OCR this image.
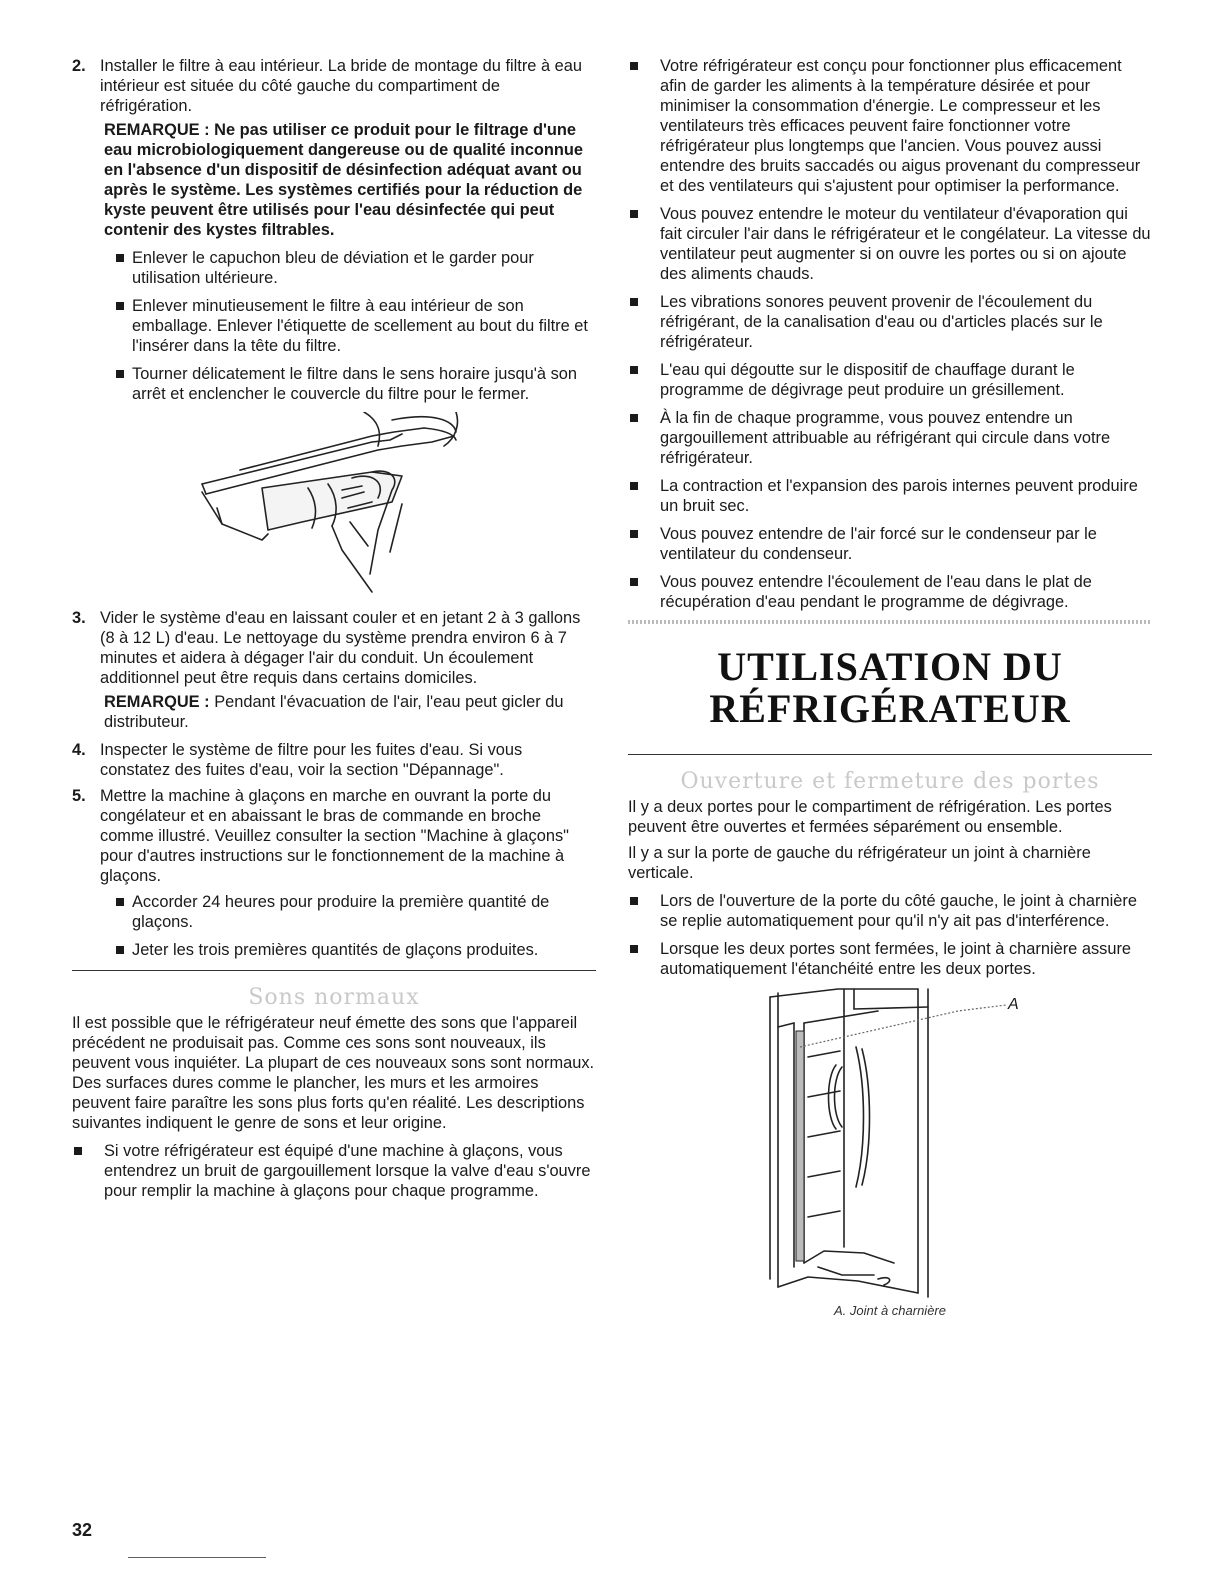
2. Installer le filtre à eau intérieur. La bride de montage du filtre à eau intérieur est située du côté gauche du compartiment de réfrigération.

REMARQUE : Ne pas utiliser ce produit pour le filtrage d'une eau microbiologiquement dangereuse ou de qualité inconnue en l'absence d'un dispositif de désinfection adéquat avant ou après le système. Les systèmes certifiés pour la réduction de kyste peuvent être utilisés pour l'eau désinfectée qui peut contenir des kystes filtrables.

Enlever le capuchon bleu de déviation et le garder pour utilisation ultérieure.
Enlever minutieusement le filtre à eau intérieur de son emballage. Enlever l'étiquette de scellement au bout du filtre et l'insérer dans la tête du filtre.
Tourner délicatement le filtre dans le sens horaire jusqu'à son arrêt et enclencher le couvercle du filtre pour le fermer.
3. Vider le système d'eau en laissant couler et en jetant 2 à 3 gallons (8 à 12 L) d'eau. Le nettoyage du système prendra environ 6 à 7 minutes et aidera à dégager l'air du conduit. Un écoulement additionnel peut être requis dans certains domiciles.

REMARQUE : Pendant l'évacuation de l'air, l'eau peut gicler du distributeur.

4. Inspecter le système de filtre pour les fuites d'eau. Si vous constatez des fuites d'eau, voir la section "Dépannage".

5. Mettre la machine à glaçons en marche en ouvrant la porte du congélateur et en abaissant le bras de commande en broche comme illustré. Veuillez consulter la section "Machine à glaçons" pour d'autres instructions sur le fonctionnement de la machine à glaçons.

Accorder 24 heures pour produire la première quantité de glaçons.
Jeter les trois premières quantités de glaçons produites.
Sons normaux

Il est possible que le réfrigérateur neuf émette des sons que l'appareil précédent ne produisait pas. Comme ces sons sont nouveaux, ils peuvent vous inquiéter. La plupart de ces nouveaux sons sont normaux. Des surfaces dures comme le plancher, les murs et les armoires peuvent faire paraître les sons plus forts qu'en réalité. Les descriptions suivantes indiquent le genre de sons et leur origine.

Si votre réfrigérateur est équipé d'une machine à glaçons, vous entendrez un bruit de gargouillement lorsque la valve d'eau s'ouvre pour remplir la machine à glaçons pour chaque programme.
Votre réfrigérateur est conçu pour fonctionner plus efficacement afin de garder les aliments à la température désirée et pour minimiser la consommation d'énergie. Le compresseur et les ventilateurs très efficaces peuvent faire fonctionner votre réfrigérateur plus longtemps que l'ancien. Vous pouvez aussi entendre des bruits saccadés ou aigus provenant du compresseur et des ventilateurs qui s'ajustent pour optimiser la performance.
Vous pouvez entendre le moteur du ventilateur d'évaporation qui fait circuler l'air dans le réfrigérateur et le congélateur. La vitesse du ventilateur peut augmenter si on ouvre les portes ou si on ajoute des aliments chauds.
Les vibrations sonores peuvent provenir de l'écoulement du réfrigérant, de la canalisation d'eau ou d'articles placés sur le réfrigérateur.
L'eau qui dégoutte sur le dispositif de chauffage durant le programme de dégivrage peut produire un grésillement.
À la fin de chaque programme, vous pouvez entendre un gargouillement attribuable au réfrigérant qui circule dans votre réfrigérateur.
La contraction et l'expansion des parois internes peuvent produire un bruit sec.
Vous pouvez entendre de l'air forcé sur le condenseur par le ventilateur du condenseur.
Vous pouvez entendre l'écoulement de l'eau dans le plat de récupération d'eau pendant le programme de dégivrage.
UTILISATION DU
RÉFRIGÉRATEUR
Ouverture et fermeture des portes

Il y a deux portes pour le compartiment de réfrigération. Les portes peuvent être ouvertes et fermées séparément ou ensemble.

Il y a sur la porte de gauche du réfrigérateur un joint à charnière verticale.

Lors de l'ouverture de la porte du côté gauche, le joint à charnière se replie automatiquement pour qu'il n'y ait pas d'interférence.
Lorsque les deux portes sont fermées, le joint à charnière assure automatiquement l'étanchéité entre les deux portes.
A
A. Joint à charnière
32
